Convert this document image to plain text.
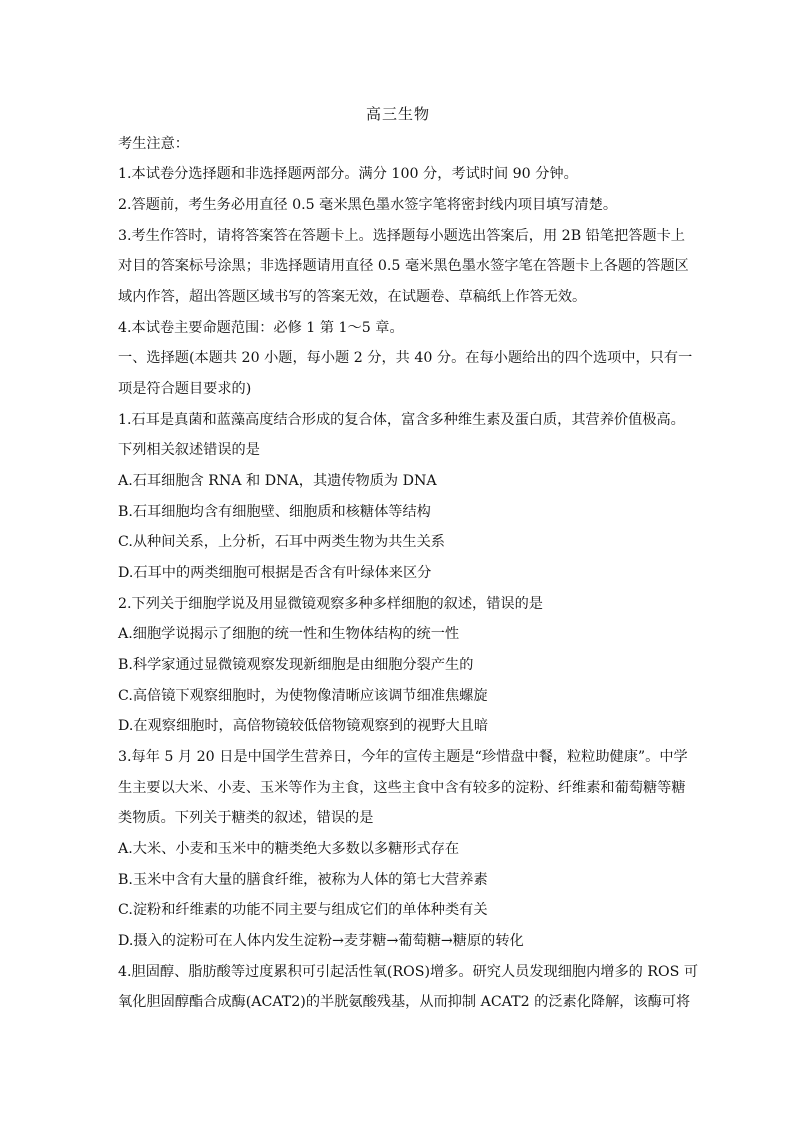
高三生物
考生注意：
1.本试卷分选择题和非选择题两部分。满分 100 分，考试时间 90 分钟。
2.答题前，考生务必用直径 0.5 毫米黑色墨水签字笔将密封线内项目填写清楚。
3.考生作答时，请将答案答在答题卡上。选择题每小题选出答案后，用 2B 铅笔把答题卡上
对目的答案标号涂黑；非选择题请用直径 0.5 毫米黑色墨水签字笔在答题卡上各题的答题区
域内作答，超出答题区域书写的答案无效，在试题卷、草稿纸上作答无效。
4.本试卷主要命题范围：必修 1 第 1～5 章。
一、选择题(本题共 20 小题，每小题 2 分，共 40 分。在每小题给出的四个选项中，只有一
项是符合题目要求的)
1.石耳是真菌和蓝藻高度结合形成的复合体，富含多种维生素及蛋白质，其营养价值极高。
下列相关叙述错误的是
A.石耳细胞含 RNA 和 DNA，其遗传物质为 DNA
B.石耳细胞均含有细胞壁、细胞质和核糖体等结构
C.从种间关系，上分析，石耳中两类生物为共生关系
D.石耳中的两类细胞可根据是否含有叶绿体来区分
2.下列关于细胞学说及用显微镜观察多种多样细胞的叙述，错误的是
A.细胞学说揭示了细胞的统一性和生物体结构的统一性
B.科学家通过显微镜观察发现新细胞是由细胞分裂产生的
C.高倍镜下观察细胞时，为使物像清晰应该调节细准焦螺旋
D.在观察细胞时，高倍物镜较低倍物镜观察到的视野大且暗
3.每年 5 月 20 日是中国学生营养日，今年的宣传主题是“珍惜盘中餐，粒粒助健康”。中学
生主要以大米、小麦、玉米等作为主食，这些主食中含有较多的淀粉、纤维素和葡萄糖等糖
类物质。下列关于糖类的叙述，错误的是
A.大米、小麦和玉米中的糖类绝大多数以多糖形式存在
B.玉米中含有大量的膳食纤维，被称为人体的第七大营养素
C.淀粉和纤维素的功能不同主要与组成它们的单体种类有关
D.摄入的淀粉可在人体内发生淀粉→麦芽糖→葡萄糖→糖原的转化
4.胆固醇、脂肪酸等过度累积可引起活性氧(ROS)增多。研究人员发现细胞内增多的 ROS 可
氧化胆固醇酯合成酶(ACAT2)的半胱氨酸残基，从而抑制 ACAT2 的泛素化降解，该酶可将
